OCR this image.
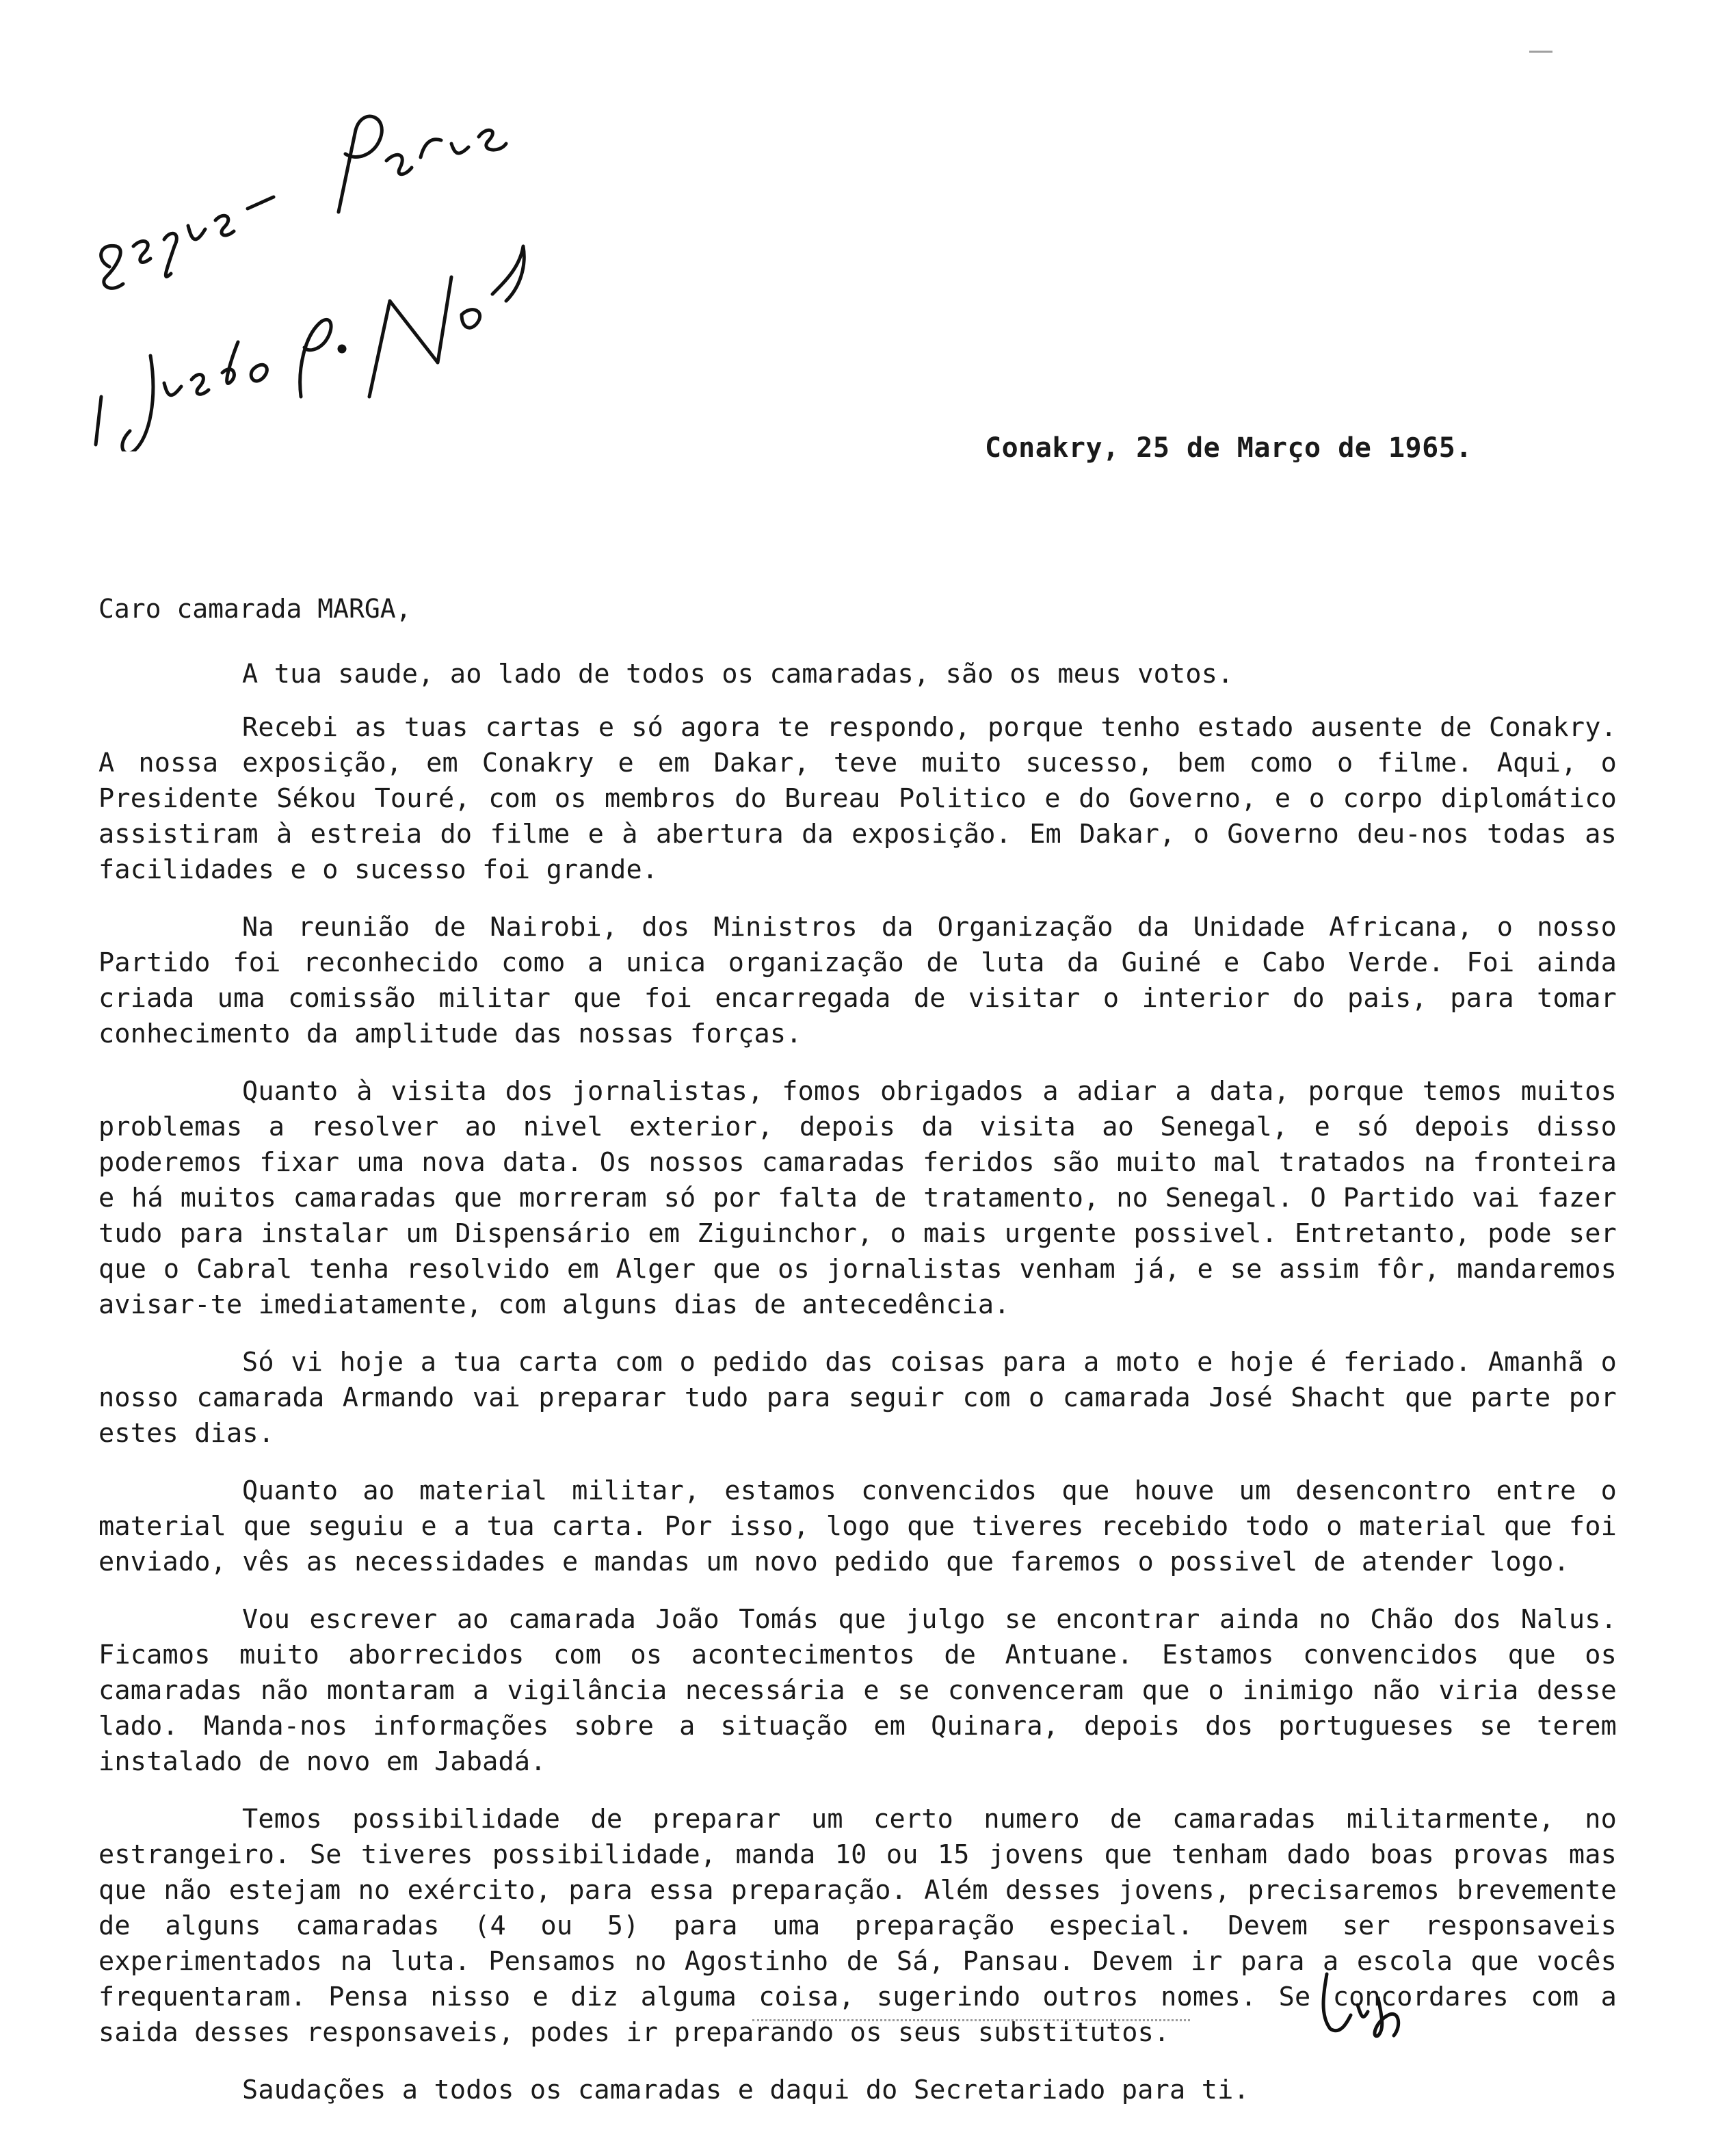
Conakry, 25 de Março de 1965.
Caro camarada MARGA,

A tua saude, ao lado de todos os camaradas, são os meus votos.

Recebi as tuas cartas e só agora te respondo, porque tenho estado ausente de Conakry. A nossa exposição, em Conakry e em Dakar, teve muito sucesso, bem como o filme. Aqui, o Presidente Sékou Touré, com os membros do Bureau Politico e do Governo, e o corpo diplomático assistiram à estreia do filme e à abertura da exposição. Em Dakar, o Governo deu-nos todas as facilidades e o sucesso foi grande.

Na reunião de Nairobi, dos Ministros da Organização da Unidade Africana, o nosso Partido foi reconhecido como a unica organização de luta da Guiné e Cabo Verde. Foi ainda criada uma comissão militar que foi encarregada de visitar o interior do pais, para tomar conhecimento da amplitude das nossas forças.

Quanto à visita dos jornalistas, fomos obrigados a adiar a data, porque temos muitos problemas a resolver ao nivel exterior, depois da visita ao Senegal, e só depois disso poderemos fixar uma nova data. Os nossos camaradas feridos são muito mal tratados na fronteira e há muitos camaradas que morreram só por falta de tratamento, no Senegal. O Partido vai fazer tudo para instalar um Dispensário em Ziguinchor, o mais urgente possivel. Entretanto, pode ser que o Cabral tenha resolvido em Alger que os jornalistas venham já, e se assim fôr, mandaremos avisar-te imediatamente, com alguns dias de antecedência.

Só vi hoje a tua carta com o pedido das coisas para a moto e hoje é feriado. Amanhã o nosso camarada Armando vai preparar tudo para seguir com o camarada José Shacht que parte por estes dias.

Quanto ao material militar, estamos convencidos que houve um desencontro entre o material que seguiu e a tua carta. Por isso, logo que tiveres recebido todo o material que foi enviado, vês as necessidades e mandas um novo pedido que faremos o possivel de atender logo.

Vou escrever ao camarada João Tomás que julgo se encontrar ainda no Chão dos Nalus. Ficamos muito aborrecidos com os acontecimentos de Antuane. Estamos convencidos que os camaradas não montaram a vigilância necessária e se convenceram que o inimigo não viria desse lado. Manda-nos informações sobre a situação em Quinara, depois dos portugueses se terem instalado de novo em Jabadá.

Temos possibilidade de preparar um certo numero de camaradas militarmente, no estrangeiro. Se tiveres possibilidade, manda 10 ou 15 jovens que tenham dado boas provas mas que não estejam no exército, para essa preparação. Além desses jovens, precisaremos brevemente de alguns camaradas (4 ou 5) para uma preparação especial. Devem ser responsaveis experimentados na luta. Pensamos no Agostinho de Sá, Pansau. Devem ir para a escola que vocês frequentaram. Pensa nisso e diz alguma coisa, sugerindo outros nomes. Se concordares com a saida desses responsaveis, podes ir preparando os seus substitutos.

Saudações a todos os camaradas e daqui do Secretariado para ti.
